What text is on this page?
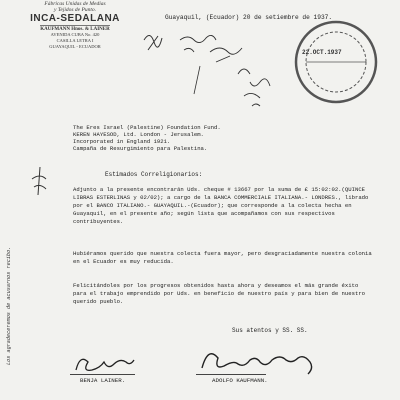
Fábricas Unidas de Medias
y Tejidos de Punto.
INCA-SEDALANA
KAUFMANN Hnos. & LAINER
AVENIDA CUBA No. 420
CASILLA LETRA I
GUAYAQUIL - ECUADOR
Guayaquil, (Ecuador) 20 de setiembre de 1937.
22.OCT.1937
The Eres Israel (Palestine) Foundation Fund.
KEREN HAYESOD, Ltd. London - Jerusalem.
Incorporated in England 1921.
Campaña de Resurgimiento para Palestina.
Estimados Correligionarios:
Adjunto a la presente encontrarán Uds. cheque # 13667 por la suma de £ 15:02:02.(QUINCE LIBRAS ESTERLINAS y 02/02); a cargo de la BANCA COMMERCIALE ITALIANA.- LONDRES., librado por el BANCO ITALIANO.- GUAYAQUIL.-(Ecuador); que corresponde a la colecta hecha en Guayaquil, en el presente año; según lista que acompañamos con sus respectivos contribuyentes.
Hubiéramos querido que nuestra colecta fuera mayor, pero desgraciadamente nuestra colonia en el Ecuador es muy reducida.
Felicitándoles por los progresos obtenidos hasta ahora y deseamos el más grande éxito para el trabajo emprendido por Uds. en beneficio de nuestro país y para bien de nuestro querido pueblo.
Sus atentos y SS. SS.
BENJA LAINER.	ADOLFO KAUFMANN.
Los agradeceremos de acusarnos recibo.
